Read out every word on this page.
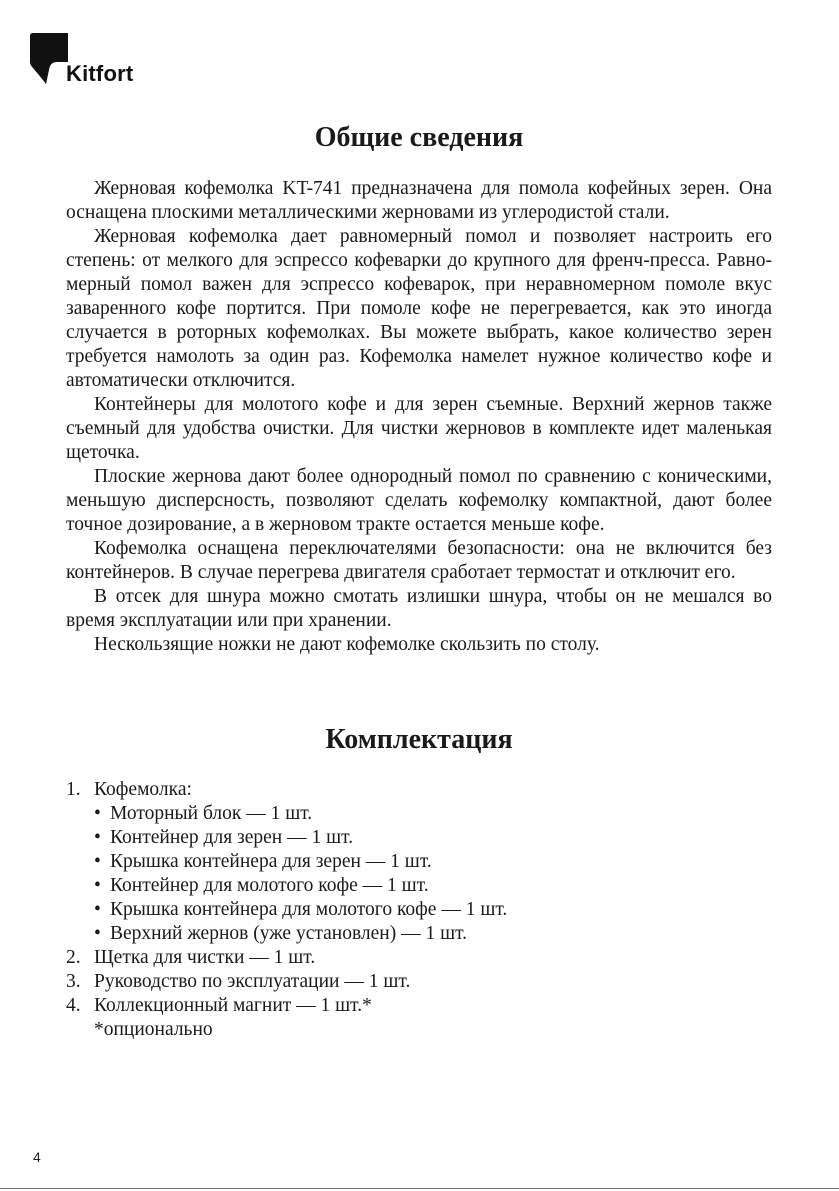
Kitfort
Общие сведения
Жерновая кофемолка KT-741 предназначена для помола кофейных зерен. Она
оснащена плоскими металлическими жерновами из углеродистой стали.
Жерновая кофемолка дает равномерный помол и позволяет настроить его
степень: от мелкого для эспрессо кофеварки до крупного для френч-пресса. Равно-
мерный помол важен для эспрессо кофеварок, при неравномерном помоле вкус
заваренного кофе портится. При помоле кофе не перегревается, как это иногда
случается в роторных кофемолках. Вы можете выбрать, какое количество зерен
требуется намолоть за один раз. Кофемолка намелет нужное количество кофе и
автоматически отключится.
Контейнеры для молотого кофе и для зерен съемные. Верхний жернов также
съемный для удобства очистки. Для чистки жерновов в комплекте идет маленькая
щеточка.
Плоские жернова дают более однородный помол по сравнению с коническими,
меньшую дисперсность, позволяют сделать кофемолку компактной, дают более
точное дозирование, а в жерновом тракте остается меньше кофе.
Кофемолка оснащена переключателями безопасности: она не включится без
контейнеров. В случае перегрева двигателя сработает термостат и отключит его.
В отсек для шнура можно смотать излишки шнура, чтобы он не мешался во
время эксплуатации или при хранении.
Нескользящие ножки не дают кофемолке скользить по столу.
Комплектация
1. Кофемолка:
• Моторный блок — 1 шт.
• Контейнер для зерен — 1 шт.
• Крышка контейнера для зерен — 1 шт.
• Контейнер для молотого кофе — 1 шт.
• Крышка контейнера для молотого кофе — 1 шт.
• Верхний жернов (уже установлен) — 1 шт.
2. Щетка для чистки — 1 шт.
3. Руководство по эксплуатации — 1 шт.
4. Коллекционный магнит — 1 шт.*
*опционально
4
